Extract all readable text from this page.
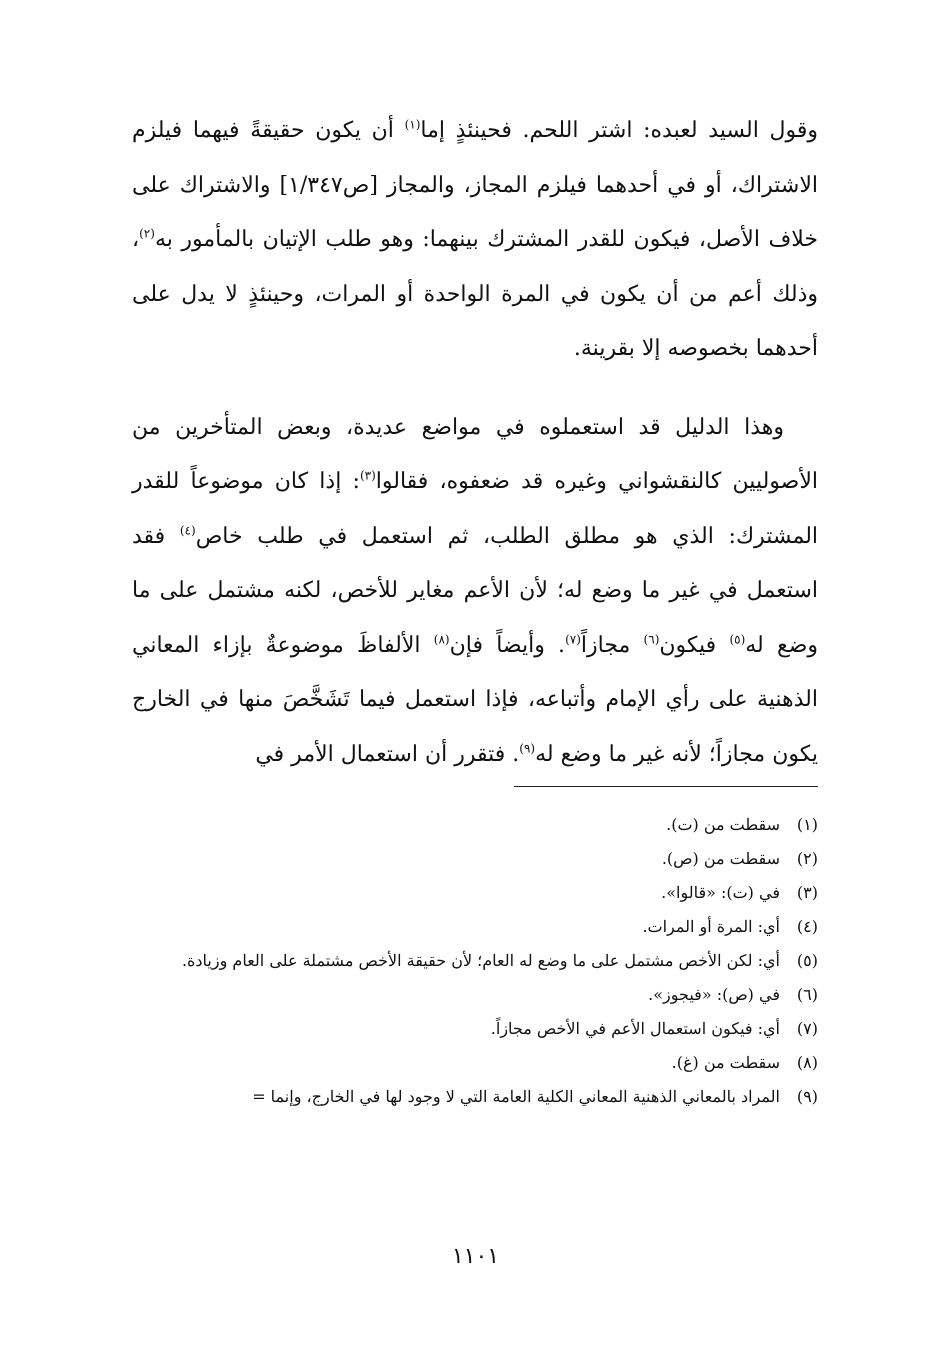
وقول السيد لعبده: اشتر اللحم. فحينئذٍ إما$^{(١)}$ أن يكون حقيقةً فيهما فيلزم الاشتراك، أو في أحدهما فيلزم المجاز، والمجاز [ص١/٣٤٧] والاشتراك على خلاف الأصل، فيكون للقدر المشترك بينهما: وهو طلب الإتيان بالمأمور به$^{(٢)}$، وذلك أعم من أن يكون في المرة الواحدة أو المرات، وحينئذٍ لا يدل على أحدهما بخصوصه إلا بقرينة.

وهذا الدليل قد استعملوه في مواضع عديدة، وبعض المتأخرين من الأصوليين كالنقشواني وغيره قد ضعفوه، فقالوا$^{(٣)}$: إذا كان موضوعاً للقدر المشترك: الذي هو مطلق الطلب، ثم استعمل في طلب خاص$^{(٤)}$ فقد استعمل في غير ما وضع له؛ لأن الأعم مغاير للأخص، لكنه مشتمل على ما وضع له$^{(٥)}$ فيكون$^{(٦)}$ مجازاً$^{(٧)}$. وأيضاً فإن$^{(٨)}$ الألفاظَ موضوعةٌ بإزاء المعاني الذهنية على رأي الإمام وأتباعه، فإذا استعمل فيما تَشَخَّصَ منها في الخارج يكون مجازاً؛ لأنه غير ما وضع له$^{(٩)}$. فتقرر أن استعمال الأمر في

(١)
سقطت من (ت).
(٢)
سقطت من (ص).
(٣)
في (ت): «قالوا».
(٤)
أي: المرة أو المرات.
(٥)
أي: لكن الأخص مشتمل على ما وضع له العام؛ لأن حقيقة الأخص مشتملة على العام وزيادة.
(٦)
في (ص): «فيجوز».
(٧)
أي: فيكون استعمال الأعم في الأخص مجازاً.
(٨)
سقطت من (غ).
(٩)
المراد بالمعاني الذهنية المعاني الكلية العامة التي لا وجود لها في الخارج، وإنما =
١١٠١
